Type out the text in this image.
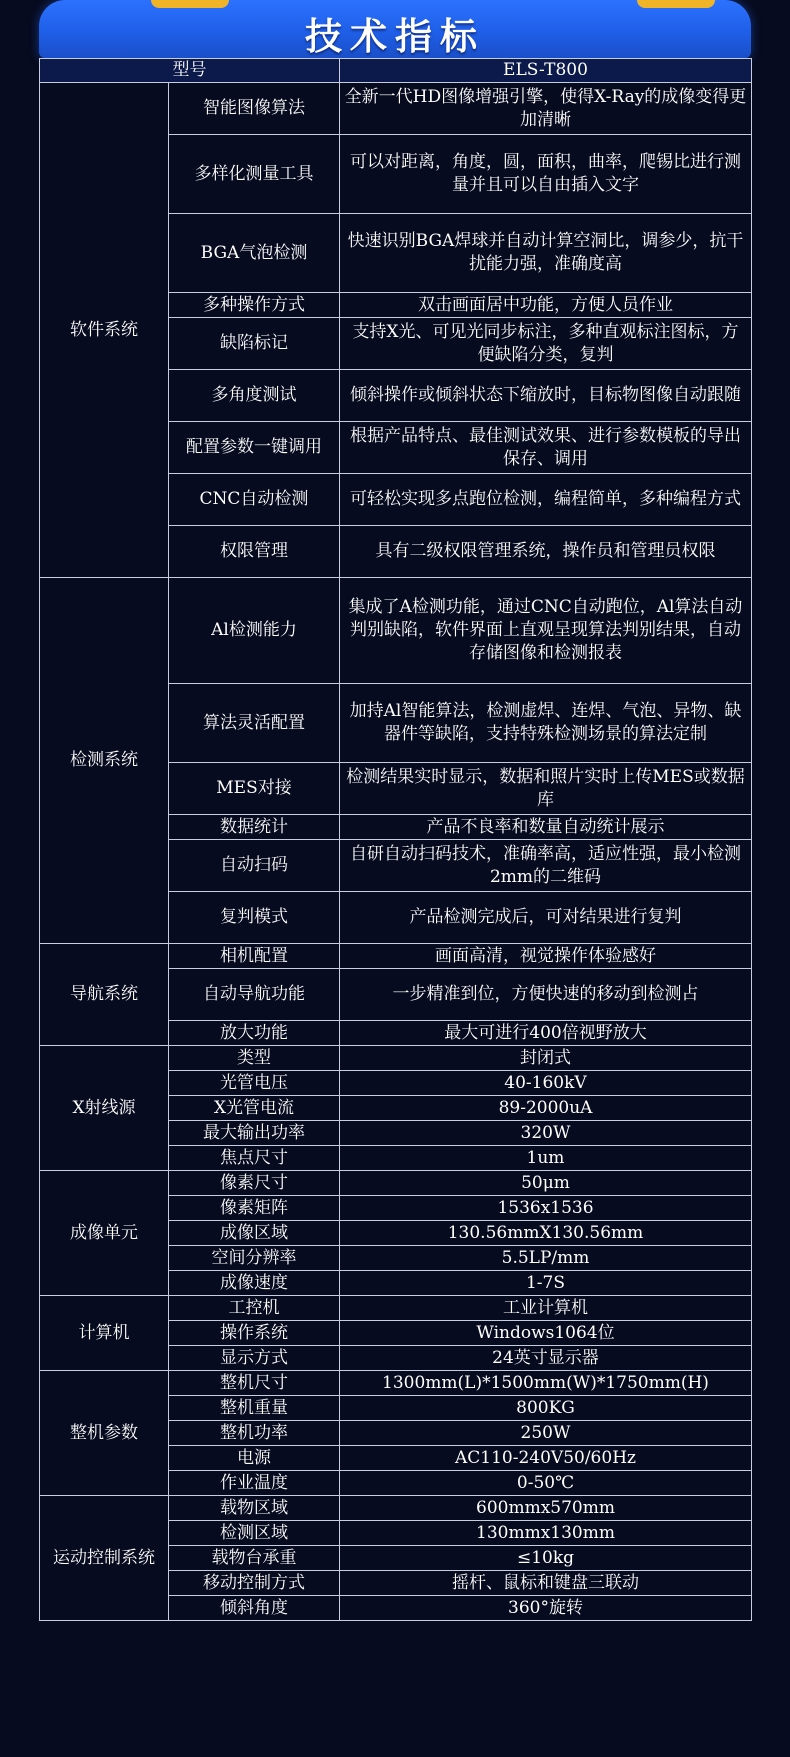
技术指标
型号		ELS-T800
软件系统	智能图像算法	全新一代HD图像增强引擎，使得X-Ray的成像变得更加清晰
	多样化测量工具	可以对距离，角度，圆，面积，曲率，爬锡比进行测量并且可以自由插入文字
	BGA气泡检测	快速识别BGA焊球并自动计算空洞比，调参少，抗干扰能力强，准确度高
	多种操作方式	双击画面居中功能，方便人员作业
	缺陷标记	支持X光、可见光同步标注，多种直观标注图标，方便缺陷分类，复判
	多角度测试	倾斜操作或倾斜状态下缩放时，目标物图像自动跟随
	配置参数一键调用	根据产品特点、最佳测试效果、进行参数模板的导出保存、调用
	CNC自动检测	可轻松实现多点跑位检测，编程简单，多种编程方式
	权限管理	具有二级权限管理系统，操作员和管理员权限
检测系统	Al检测能力	集成了A检测功能，通过CNC自动跑位，Al算法自动判别缺陷，软件界面上直观呈现算法判别结果，自动存储图像和检测报表
	算法灵活配置	加持Al智能算法，检测虚焊、连焊、气泡、异物、缺器件等缺陷，支持特殊检测场景的算法定制
	MES对接	检测结果实时显示，数据和照片实时上传MES或数据库
	数据统计	产品不良率和数量自动统计展示
	自动扫码	自研自动扫码技术，准确率高，适应性强，最小检测2mm的二维码
	复判模式	产品检测完成后，可对结果进行复判
导航系统	相机配置	画面高清，视觉操作体验感好
	自动导航功能	一步精准到位，方便快速的移动到检测占
	放大功能	最大可进行400倍视野放大
X射线源	类型	封闭式
	光管电压	40-160kV
	X光管电流	89-2000uA
	最大输出功率	320W
	焦点尺寸	1um
成像单元	像素尺寸	50μm
	像素矩阵	1536x1536
	成像区域	130.56mmX130.56mm
	空间分辨率	5.5LP/mm
	成像速度	1-7S
计算机	工控机	工业计算机
	操作系统	Windows1064位
	显示方式	24英寸显示器
整机参数	整机尺寸	1300mm(L)*1500mm(W)*1750mm(H)
	整机重量	800KG
	整机功率	250W
	电源	AC110-240V50/60Hz
	作业温度	0-50℃
运动控制系统	载物区域	600mmx570mm
	检测区域	130mmx130mm
	载物台承重	≤10kg
	移动控制方式	摇杆、鼠标和键盘三联动
	倾斜角度	360°旋转
